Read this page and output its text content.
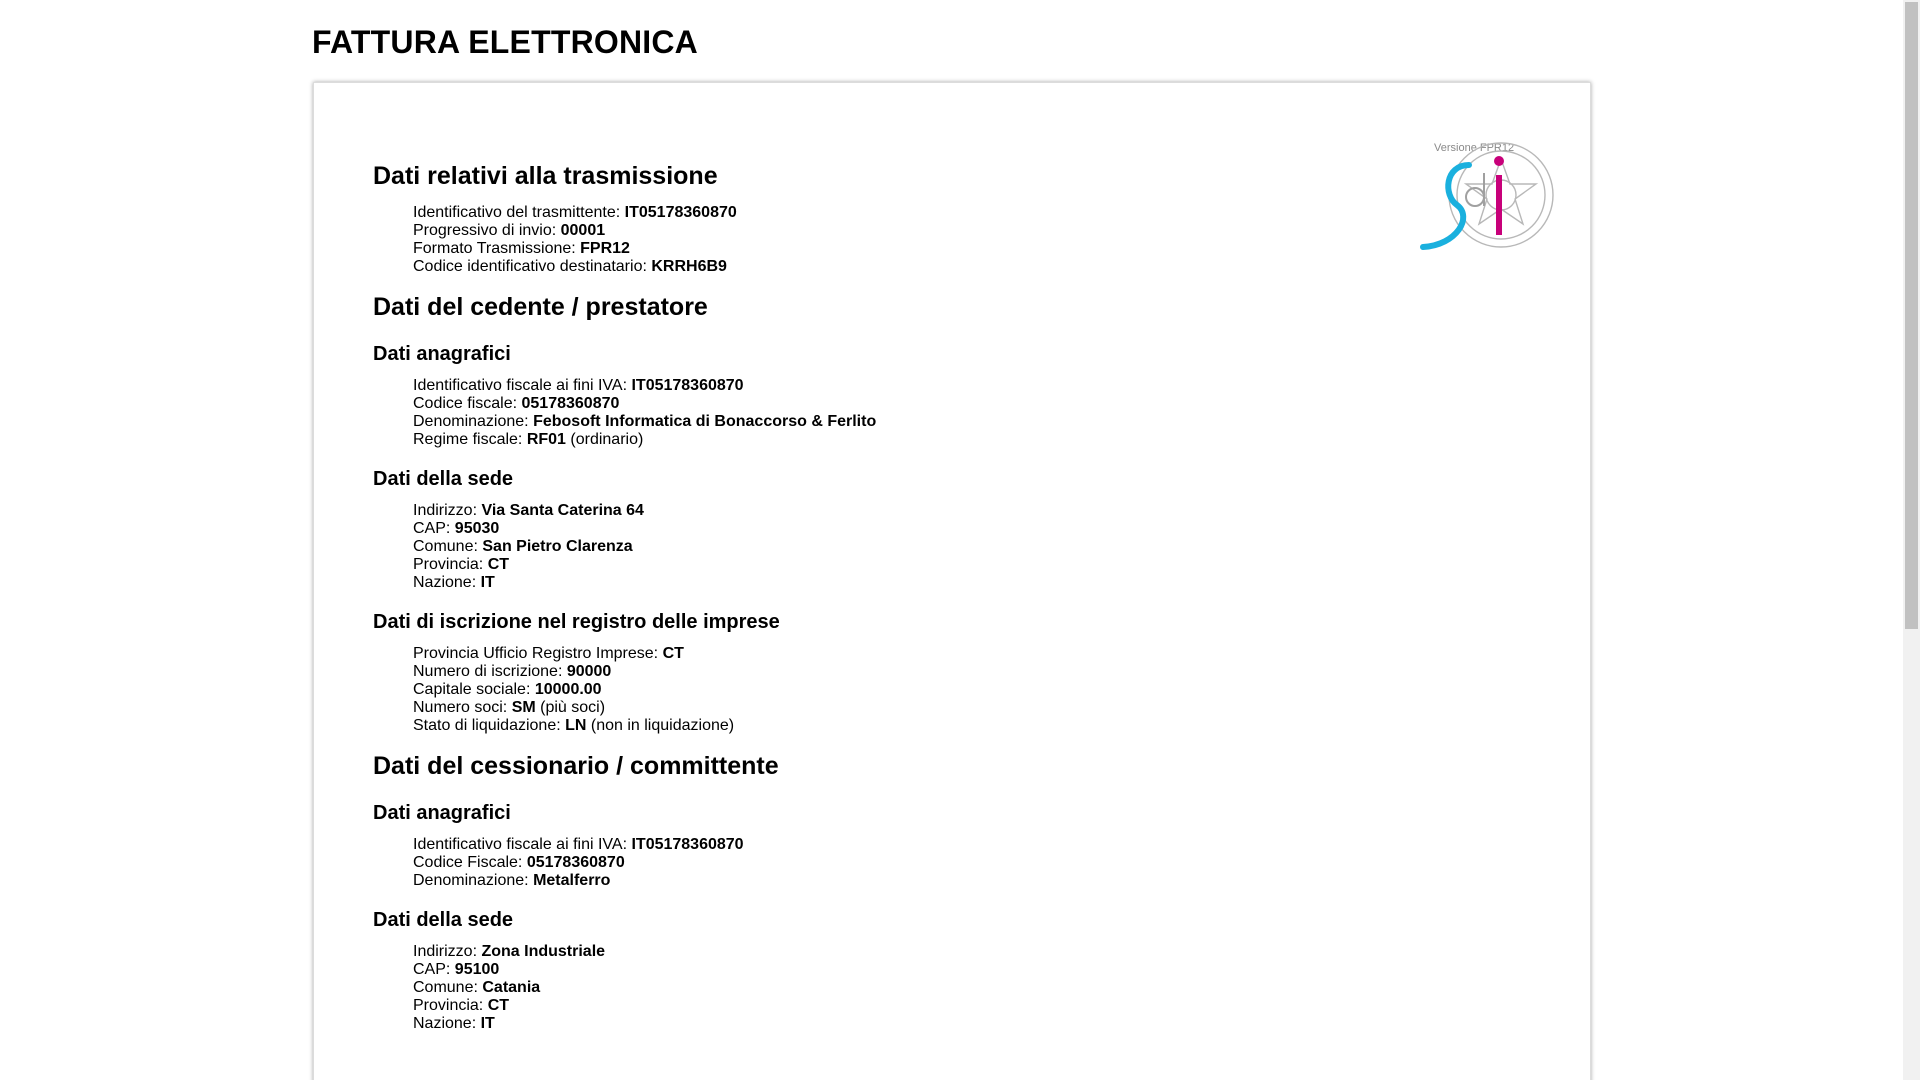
FATTURA ELETTRONICA
Versione FPR12
Dati relativi alla trasmissione
Identificativo del trasmittente: IT05178360870
Progressivo di invio: 00001
Formato Trasmissione: FPR12
Codice identificativo destinatario: KRRH6B9
Dati del cedente / prestatore
Dati anagrafici
Identificativo fiscale ai fini IVA: IT05178360870
Codice fiscale: 05178360870
Denominazione: Febosoft Informatica di Bonaccorso & Ferlito
Regime fiscale: RF01 (ordinario)
Dati della sede
Indirizzo: Via Santa Caterina 64
CAP: 95030
Comune: San Pietro Clarenza
Provincia: CT
Nazione: IT
Dati di iscrizione nel registro delle imprese
Provincia Ufficio Registro Imprese: CT
Numero di iscrizione: 90000
Capitale sociale: 10000.00
Numero soci: SM (più soci)
Stato di liquidazione: LN (non in liquidazione)
Dati del cessionario / committente
Dati anagrafici
Identificativo fiscale ai fini IVA: IT05178360870
Codice Fiscale: 05178360870
Denominazione: Metalferro
Dati della sede
Indirizzo: Zona Industriale
CAP: 95100
Comune: Catania
Provincia: CT
Nazione: IT
